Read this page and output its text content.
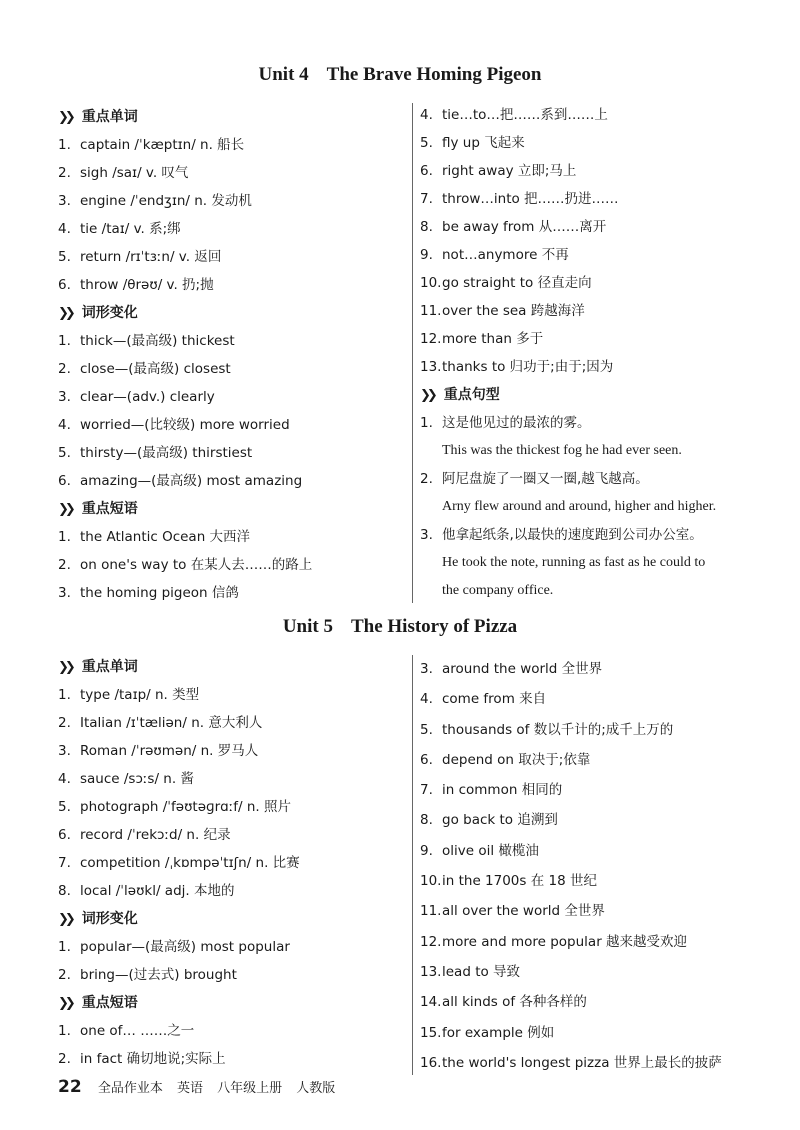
Unit 4 The Brave Homing Pigeon
❯❯ 重点单词
1. captain /ˈkæptɪn/ n. 船长
2. sigh /saɪ/ v. 叹气
3. engine /ˈendʒɪn/ n. 发动机
4. tie /taɪ/ v. 系;绑
5. return /rɪˈtɜːn/ v. 返回
6. throw /θrəʊ/ v. 扔;抛
❯❯ 词形变化
1. thick—(最高级) thickest
2. close—(最高级) closest
3. clear—(adv.) clearly
4. worried—(比较级) more worried
5. thirsty—(最高级) thirstiest
6. amazing—(最高级) most amazing
❯❯ 重点短语
1. the Atlantic Ocean 大西洋
2. on one's way to 在某人去……的路上
3. the homing pigeon 信鸽
4. tie…to…把……系到……上
5. fly up 飞起来
6. right away 立即;马上
7. throw…into 把……扔进……
8. be away from 从……离开
9. not…anymore 不再
10.go straight to 径直走向
11.over the sea 跨越海洋
12.more than 多于
13.thanks to 归功于;由于;因为
❯❯ 重点句型
1. 这是他见过的最浓的雾。
This was the thickest fog he had ever seen.
2. 阿尼盘旋了一圈又一圈,越飞越高。
Arny flew around and around, higher and higher.
3. 他拿起纸条,以最快的速度跑到公司办公室。
He took the note, running as fast as he could to
the company office.
Unit 5 The History of Pizza
❯❯ 重点单词
1. type /taɪp/ n. 类型
2. Italian /ɪˈtæliən/ n. 意大利人
3. Roman /ˈrəʊmən/ n. 罗马人
4. sauce /sɔːs/ n. 酱
5. photograph /ˈfəʊtəɡrɑːf/ n. 照片
6. record /ˈrekɔːd/ n. 纪录
7. competition /ˌkɒmpəˈtɪʃn/ n. 比赛
8. local /ˈləʊkl/ adj. 本地的
❯❯ 词形变化
1. popular—(最高级) most popular
2. bring—(过去式) brought
❯❯ 重点短语
1. one of… ……之一
2. in fact 确切地说;实际上
3. around the world 全世界
4. come from 来自
5. thousands of 数以千计的;成千上万的
6. depend on 取决于;依靠
7. in common 相同的
8. go back to 追溯到
9. olive oil 橄榄油
10.in the 1700s 在 18 世纪
11.all over the world 全世界
12.more and more popular 越来越受欢迎
13.lead to 导致
14.all kinds of 各种各样的
15.for example 例如
16.the world's longest pizza 世界上最长的披萨
22 全品作业本 英语 八年级上册 人教版
